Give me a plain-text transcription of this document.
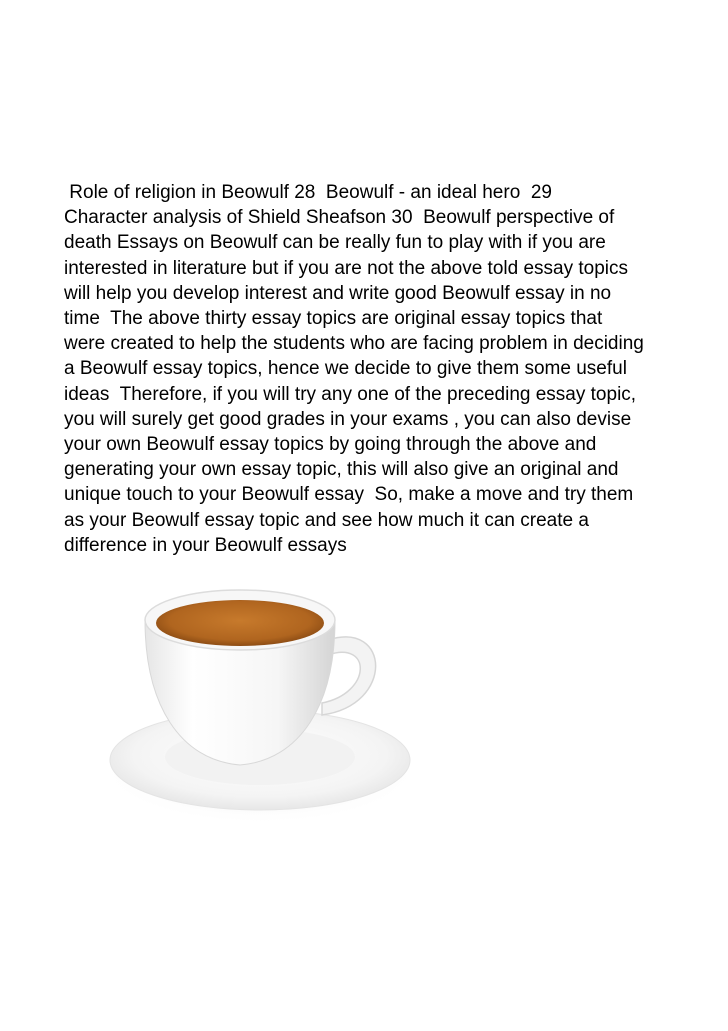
Role of religion in Beowulf 28  Beowulf - an ideal hero  29
Character analysis of Shield Sheafson 30  Beowulf perspective of
death Essays on Beowulf can be really fun to play with if you are
interested in literature but if you are not the above told essay topics
will help you develop interest and write good Beowulf essay in no
time  The above thirty essay topics are original essay topics that
were created to help the students who are facing problem in deciding
a Beowulf essay topics, hence we decide to give them some useful
ideas  Therefore, if you will try any one of the preceding essay topic,
you will surely get good grades in your exams , you can also devise
your own Beowulf essay topics by going through the above and
generating your own essay topic, this will also give an original and
unique touch to your Beowulf essay  So, make a move and try them
as your Beowulf essay topic and see how much it can create a
difference in your Beowulf essays
